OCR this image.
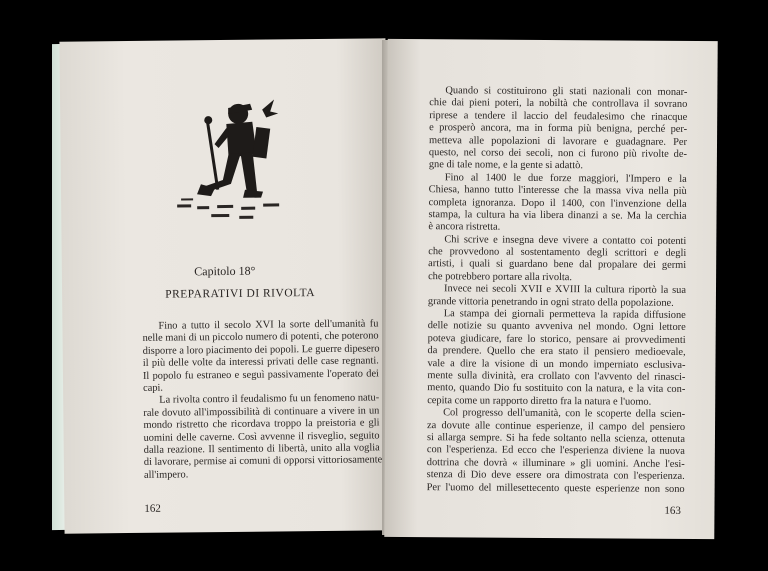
Capitolo 18°
PREPARATIVI DI RIVOLTA
Fino a tutto il secolo XVI la sorte dell'umanità fu
nelle mani di un piccolo numero di potenti, che poterono
disporre a loro piacimento dei popoli. Le guerre dipesero
il più delle volte da interessi privati delle case regnanti.
Il popolo fu estraneo e seguì passivamente l'operato dei
capi.
La rivolta contro il feudalismo fu un fenomeno natu-
rale dovuto all'impossibilità di continuare a vivere in un
mondo ristretto che ricordava troppo la preistoria e gli
uomini delle caverne. Così avvenne il risveglio, seguito
dalla reazione. Il sentimento di libertà, unito alla voglia
di lavorare, permise ai comuni di opporsi vittoriosamente
all'impero.
162
Quando si costituirono gli stati nazionali con monar-
chie dai pieni poteri, la nobiltà che controllava il sovrano
riprese a tendere il laccio del feudalesimo che rinacque
e prosperò ancora, ma in forma più benigna, perché per-
metteva alle popolazioni di lavorare e guadagnare. Per
questo, nel corso dei secoli, non ci furono più rivolte de-
gne di tale nome, e la gente si adattò.
Fino al 1400 le due forze maggiori, l'Impero e la
Chiesa, hanno tutto l'interesse che la massa viva nella più
completa ignoranza. Dopo il 1400, con l'invenzione della
stampa, la cultura ha via libera dinanzi a se. Ma la cerchia
è ancora ristretta.
Chi scrive e insegna deve vivere a contatto coi potenti
che provvedono al sostentamento degli scrittori e degli
artisti, i quali si guardano bene dal propalare dei germi
che potrebbero portare alla rivolta.
Invece nei secoli XVII e XVIII la cultura riportò la sua
grande vittoria penetrando in ogni strato della popolazione.
La stampa dei giornali permetteva la rapida diffusione
delle notizie su quanto avveniva nel mondo. Ogni lettore
poteva giudicare, fare lo storico, pensare ai provvedimenti
da prendere. Quello che era stato il pensiero medioevale,
vale a dire la visione di un mondo imperniato esclusiva-
mente sulla divinità, era crollato con l'avvento del rinasci-
mento, quando Dio fu sostituito con la natura, e la vita con-
cepita come un rapporto diretto fra la natura e l'uomo.
Col progresso dell'umanità, con le scoperte della scien-
za dovute alle continue esperienze, il campo del pensiero
si allarga sempre. Si ha fede soltanto nella scienza, ottenuta
con l'esperienza. Ed ecco che l'esperienza diviene la nuova
dottrina che dovrà « illuminare » gli uomini. Anche l'esi-
stenza di Dio deve essere ora dimostrata con l'esperienza.
Per l'uomo del millesettecento queste esperienze non sono
163
